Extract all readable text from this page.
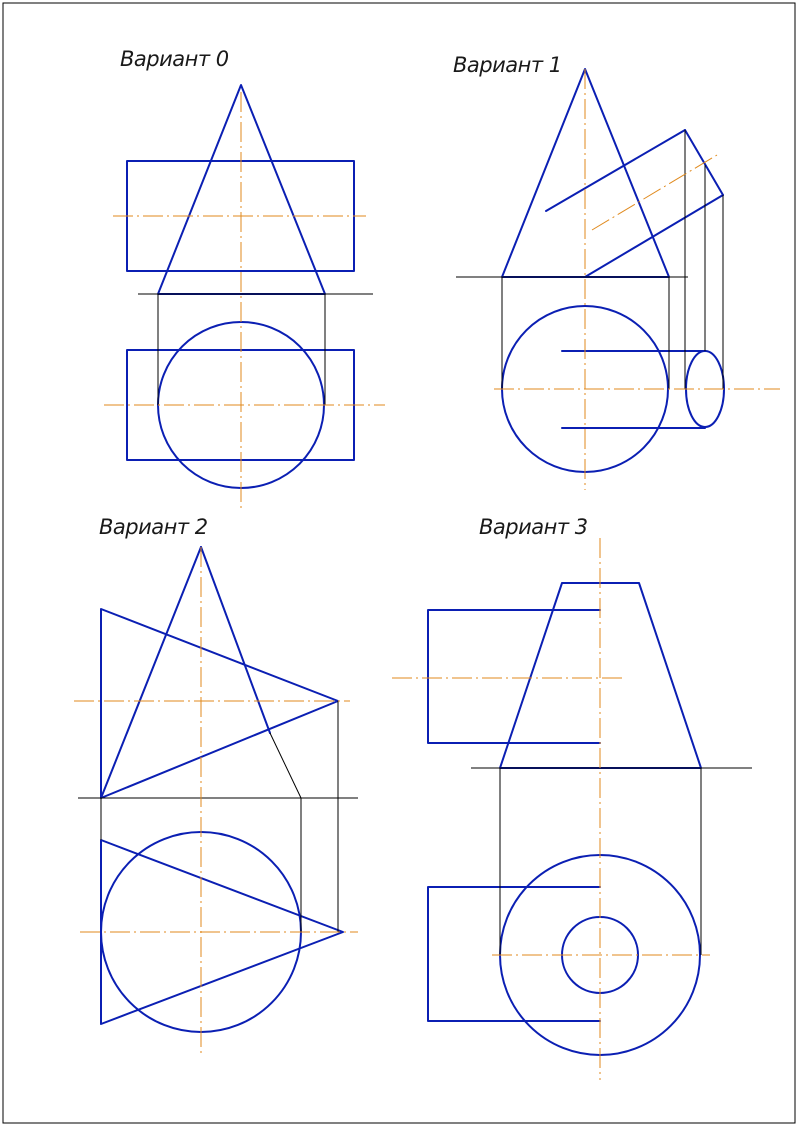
Вариант 0	Вариант 1
Вариант 2	Вариант 3
